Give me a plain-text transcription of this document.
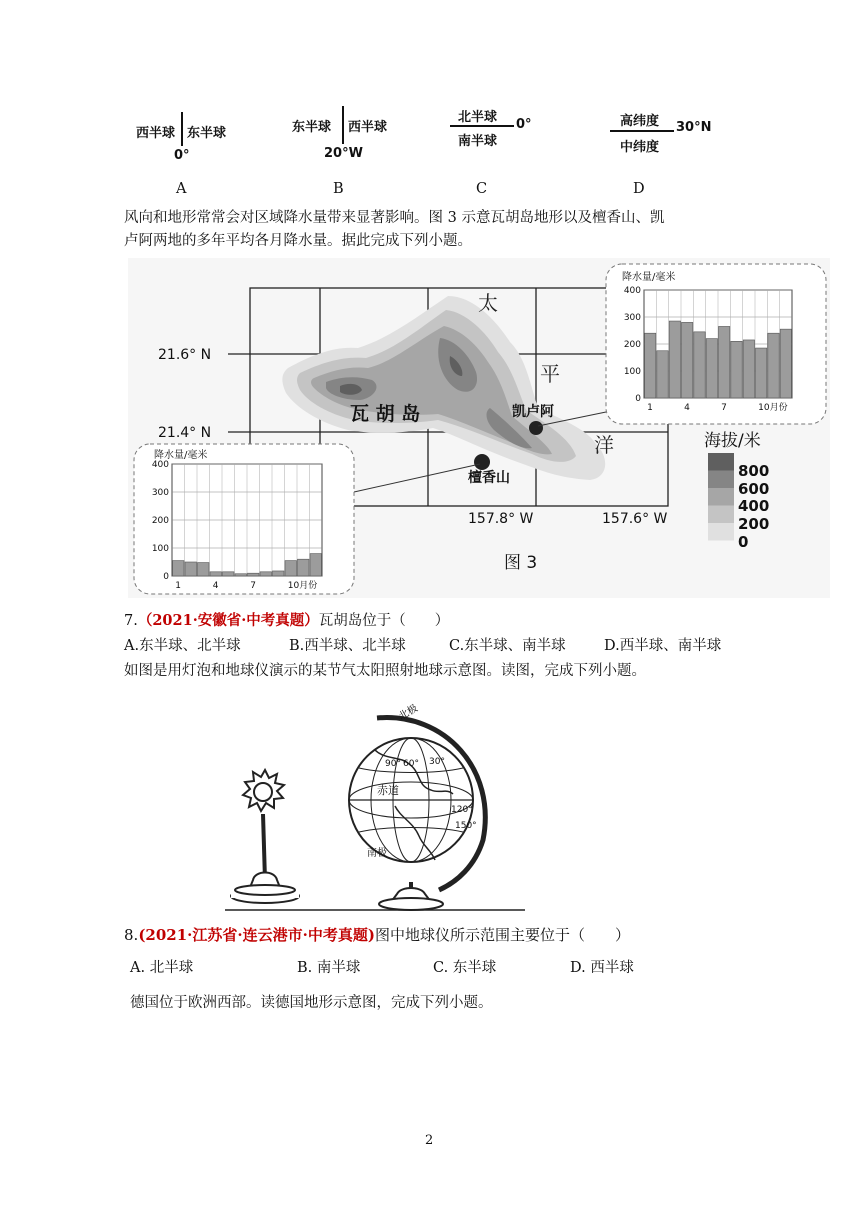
西半球 东半球
0°
A
东半球 西半球
20°W
B
北半球
南半球
0°
C
高纬度
中纬度
30°N
D
风向和地形常常会对区域降水量带来显著影响。图 3 示意瓦胡岛地形以及檀香山、凯
卢阿两地的多年平均各月降水量。据此完成下列小题。
太
平
洋
瓦 胡 岛
21.6° N
21.4° N
157.8° W	157.6° W
凯卢阿
檀香山
海拔/米
800
600
400
200
0
图 3
降水量/毫米
400
300
200
100
0
1	4	7	10月份
降水量/毫米
400
300
200
100
0
1	4	7	10月份
7.（2021·安徽省·中考真题）瓦胡岛位于（　　）
A.东半球、北半球	B.西半球、北半球	C.东半球、南半球	D.西半球、南半球
如图是用灯泡和地球仪演示的某节气太阳照射地球示意图。读图，完成下列小题。
北极
南极
赤道
90° 60° 30°
120°
150°
8.(2021·江苏省·连云港市·中考真题)图中地球仪所示范围主要位于（　　）
A. 北半球	B. 南半球	C. 东半球	D. 西半球
德国位于欧洲西部。读德国地形示意图，完成下列小题。
2
